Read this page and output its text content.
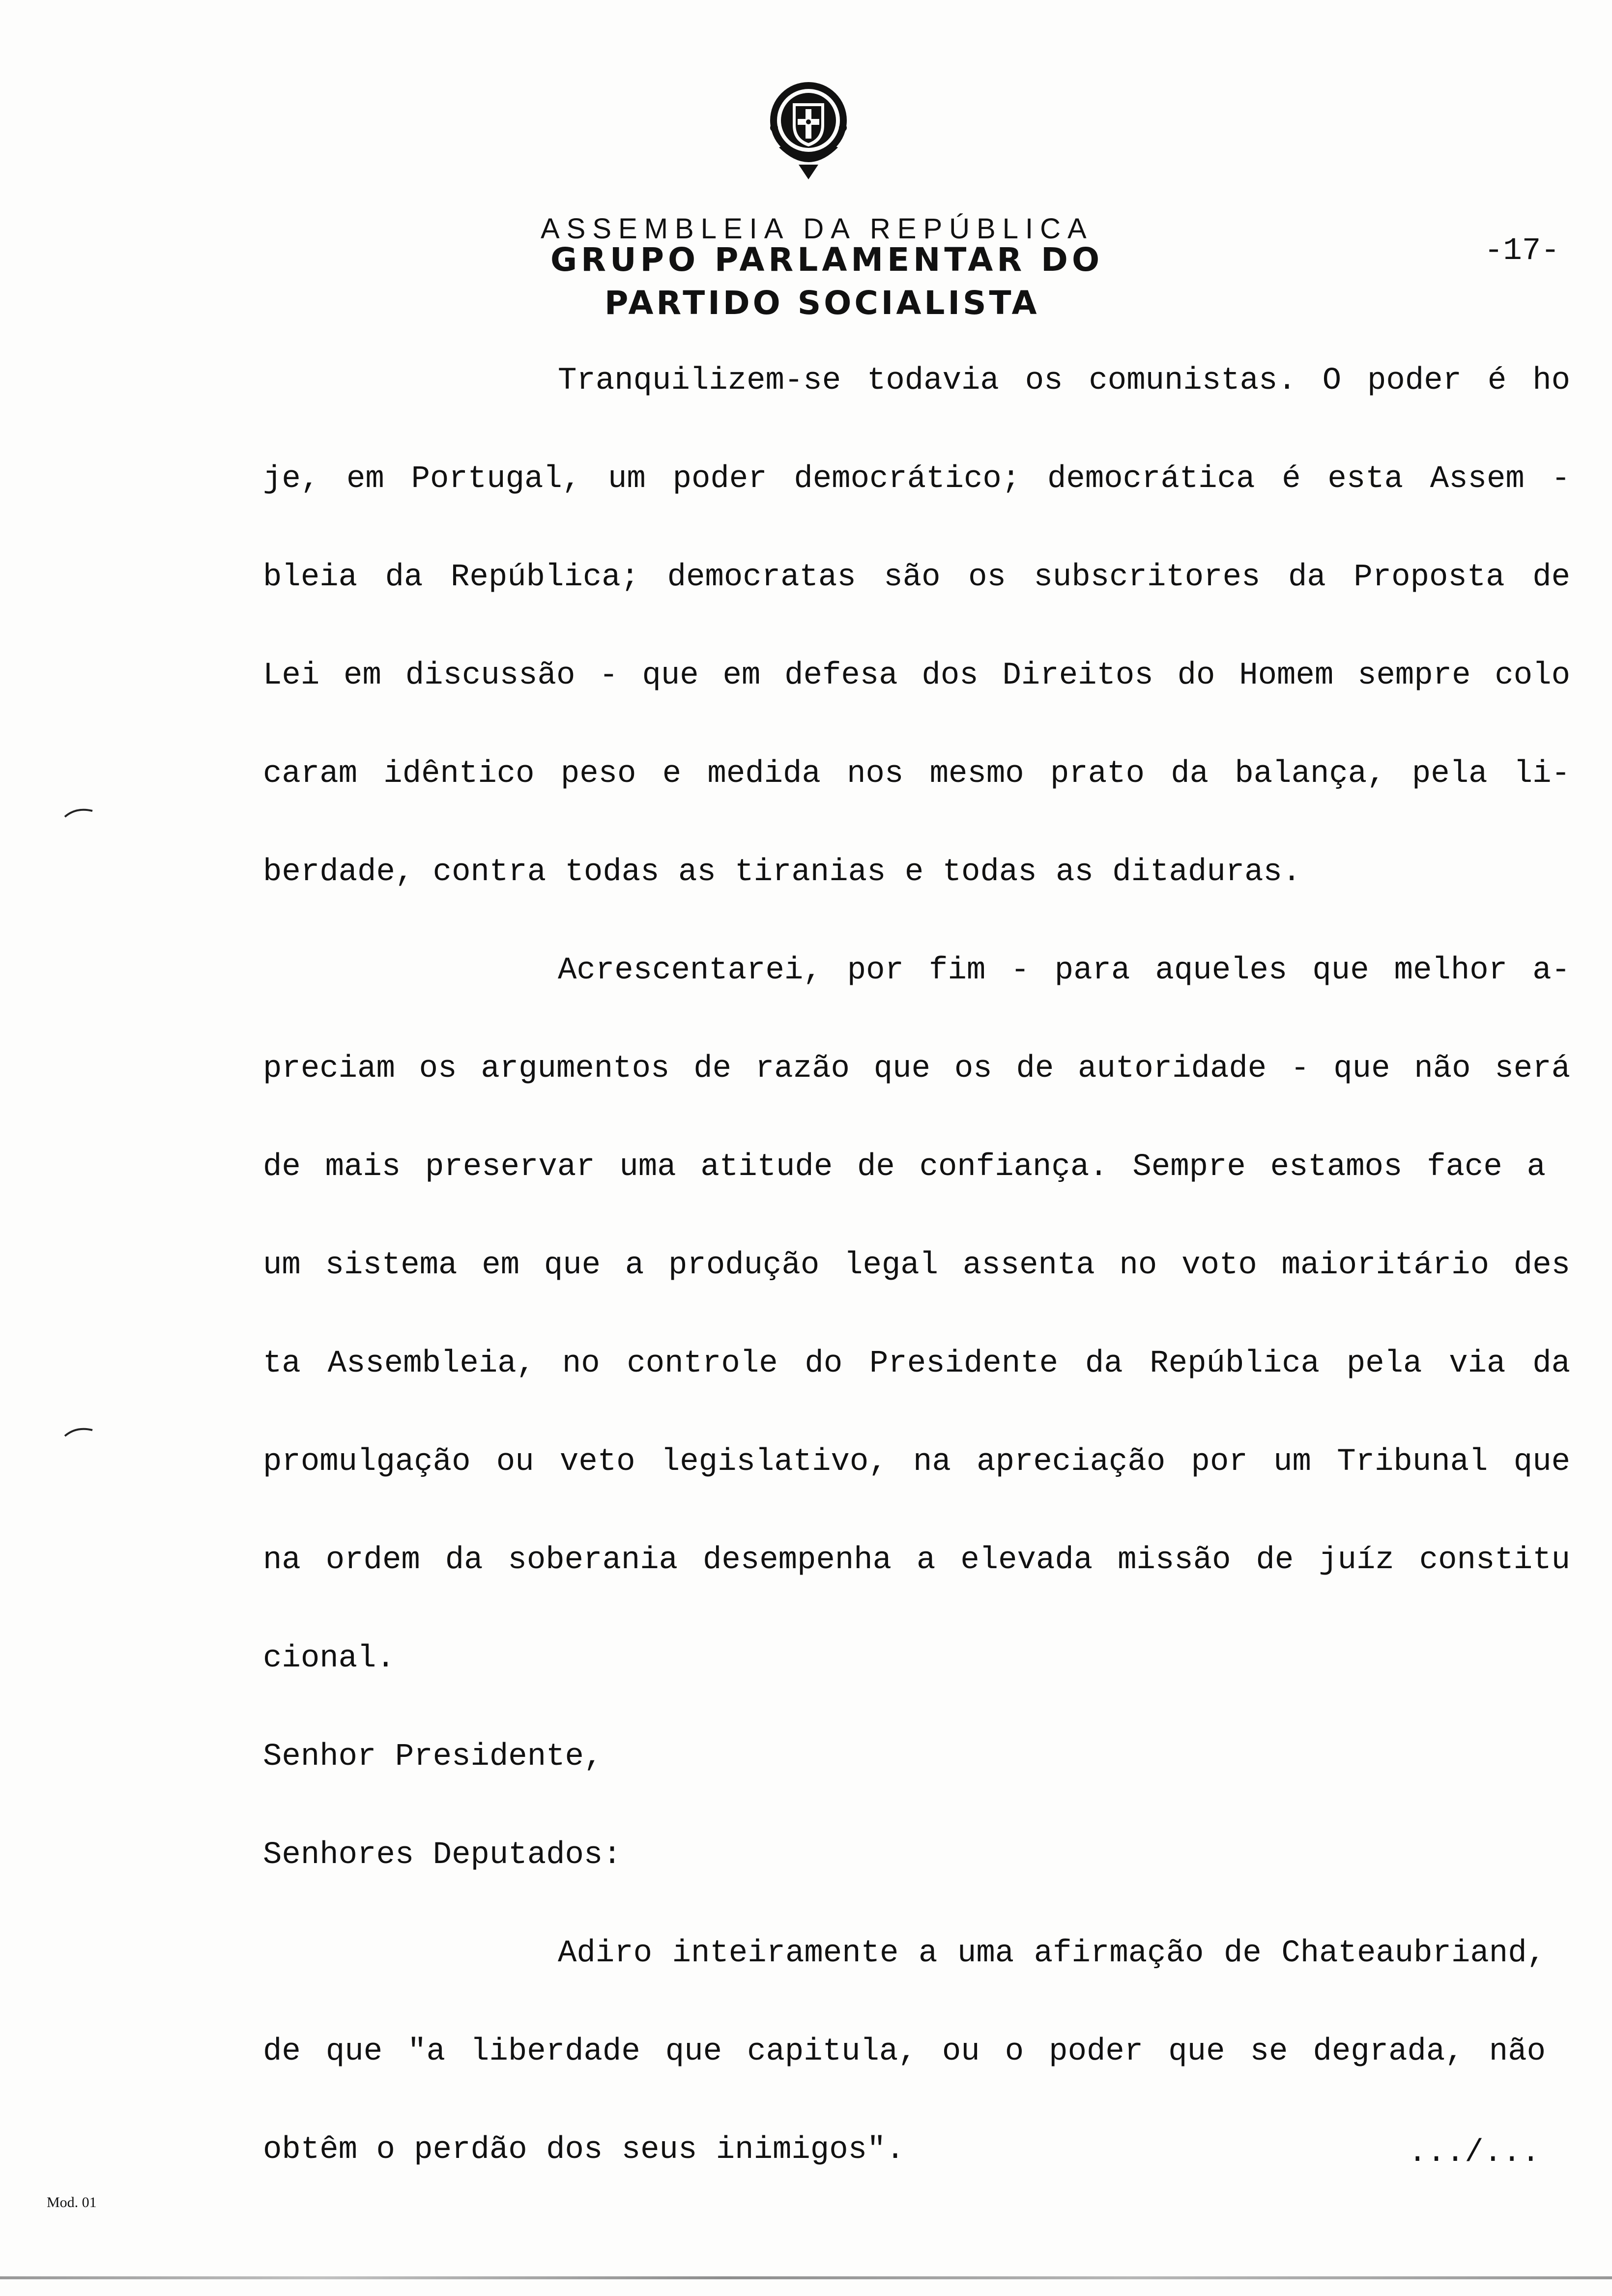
ASSEMBLEIA DA REPÚBLICA
GRUPO PARLAMENTAR DO
PARTIDO SOCIALISTA
-17-
Tranquilizem-se todavia os comunistas. O poder é ho
je, em Portugal, um poder democrático; democrática é esta Assem -
bleia da República; democratas são os subscritores da Proposta de
Lei em discussão - que em defesa dos Direitos do Homem sempre colo
caram idêntico peso e medida nos mesmo prato da balança, pela li-
berdade, contra todas as tiranias e todas as ditaduras.
Acrescentarei, por fim - para aqueles que melhor a-
preciam os argumentos de razão que os de autoridade - que não será
de mais preservar uma atitude de confiança. Sempre estamos face a
um sistema em que a produção legal assenta no voto maioritário des
ta Assembleia, no controle do Presidente da República pela via da
promulgação ou veto legislativo, na apreciação por um Tribunal que
na ordem da soberania desempenha a elevada missão de juíz constitu
cional.
Senhor Presidente,
Senhores Deputados:
Adiro inteiramente a uma afirmação de Chateaubriand,
de que "a liberdade que capitula, ou o poder que se degrada, não
obtêm o perdão dos seus inimigos".	.../...
Mod. 01
